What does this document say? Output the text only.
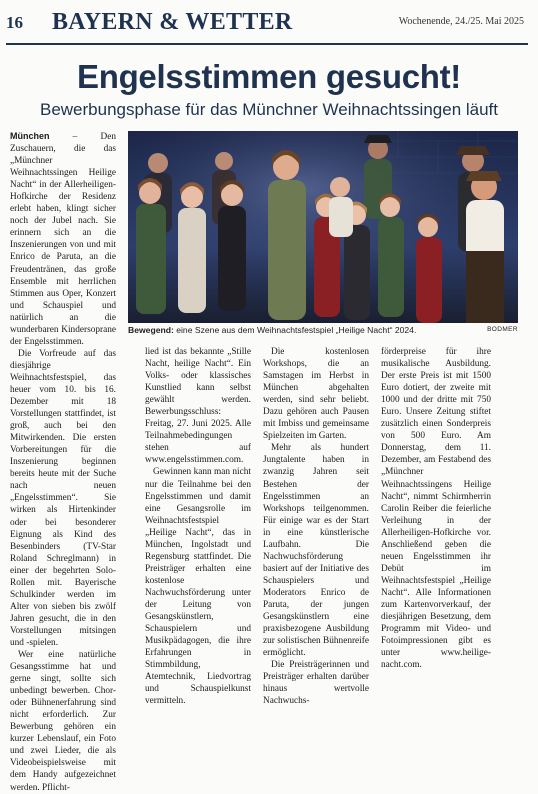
16 BAYERN & WETTER	Wochenende, 24./25. Mai 2025
Engelsstimmen gesucht!
Bewerbungsphase für das Münchner Weihnachtssingen läuft

München – Den Zuschauern, die das „Münchner Weihnachtssingen Heilige Nacht“ in der Allerheiligen-Hofkirche der Residenz erlebt haben, klingt sicher noch der Jubel nach. Sie erinnern sich an die Inszenierungen von und mit Enrico de Paruta, an die Freudentränen, das große Ensemble mit herrlichen Stimmen aus Oper, Konzert und Schauspiel und natürlich an die wunderbaren Kindersoprane der Engelsstimmen.

Die Vorfreude auf das diesjährige Weihnachtsfestspiel, das heuer vom 10. bis 16. Dezember mit 18 Vorstellungen stattfindet, ist groß, auch bei den Mitwirkenden. Die ersten Vorbereitungen für die Inszenierung beginnen bereits heute mit der Suche nach neuen „Engelsstimmen“. Sie wirken als Hirtenkinder oder bei besonderer Eignung als Kind des Besenbinders (TV-Star Roland Schreglmann) in einer der begehrten Solo-Rollen mit. Bayerische Schulkinder werden im Alter von sieben bis zwölf Jahren gesucht, die in den Vorstellungen mitsingen und -spielen.

Wer eine natürliche Gesangsstimme hat und gerne singt, sollte sich unbedingt bewerben. Chor- oder Bühnenerfahrung sind nicht erforderlich. Zur Bewerbung gehören ein kurzer Lebenslauf, ein Foto und zwei Lieder, die als Videobeispielsweise mit dem Handy aufgezeichnet werden. Pflicht-

Bewegend: eine Szene aus dem Weihnachtsfestspiel „Heilige Nacht“ 2024.	BODMER

lied ist das bekannte „Stille Nacht, heilige Nacht“. Ein Volks- oder klassisches Kunstlied kann selbst gewählt werden. Bewerbungsschluss: Freitag, 27. Juni 2025. Alle Teilnahmebedingungen stehen auf www.engelsstimmen.com.

Gewinnen kann man nicht nur die Teilnahme bei den Engelsstimmen und damit eine Gesangsrolle im Weihnachtsfestspiel „Heilige Nacht“, das in München, Ingolstadt und Regensburg stattfindet. Die Preisträger erhalten eine kostenlose Nachwuchsförderung unter der Leitung von Gesangskünstlern, Schauspielern und Musikpädagogen, die ihre Erfahrungen in Stimmbildung, Atemtechnik, Liedvortrag und Schauspielkunst vermitteln.

Die kostenlosen Workshops, die an Samstagen im Herbst in München abgehalten werden, sind sehr beliebt. Dazu gehören auch Pausen mit Imbiss und gemeinsame Spielzeiten im Garten.

Mehr als hundert Jungtalente haben in zwanzig Jahren seit Bestehen der Engelsstimmen an Workshops teilgenommen. Für einige war es der Start in eine künstlerische Laufbahn. Die Nachwuchsförderung basiert auf der Initiative des Schauspielers und Moderators Enrico de Paruta, der jungen Gesangskünstlern eine praxisbezogene Ausbildung zur solistischen Bühnenreife ermöglicht.

Die Preisträgerinnen und Preisträger erhalten darüber hinaus wertvolle Nachwuchs-

förderpreise für ihre musikalische Ausbildung. Der erste Preis ist mit 1500 Euro dotiert, der zweite mit 1000 und der dritte mit 750 Euro. Unsere Zeitung stiftet zusätzlich einen Sonderpreis von 500 Euro. Am Donnerstag, dem 11. Dezember, am Festabend des „Münchner Weihnachtssingens Heilige Nacht“, nimmt Schirmherrin Carolin Reiber die feierliche Verleihung in der Allerheiligen-Hofkirche vor. Anschließend geben die neuen Engelsstimmen ihr Debüt im Weihnachtsfestspiel „Heilige Nacht“. Alle Informationen zum Kartenvorverkauf, der diesjährigen Besetzung, dem Programm mit Video- und Fotoimpressionen gibt es unter www.heilige-nacht.com.
